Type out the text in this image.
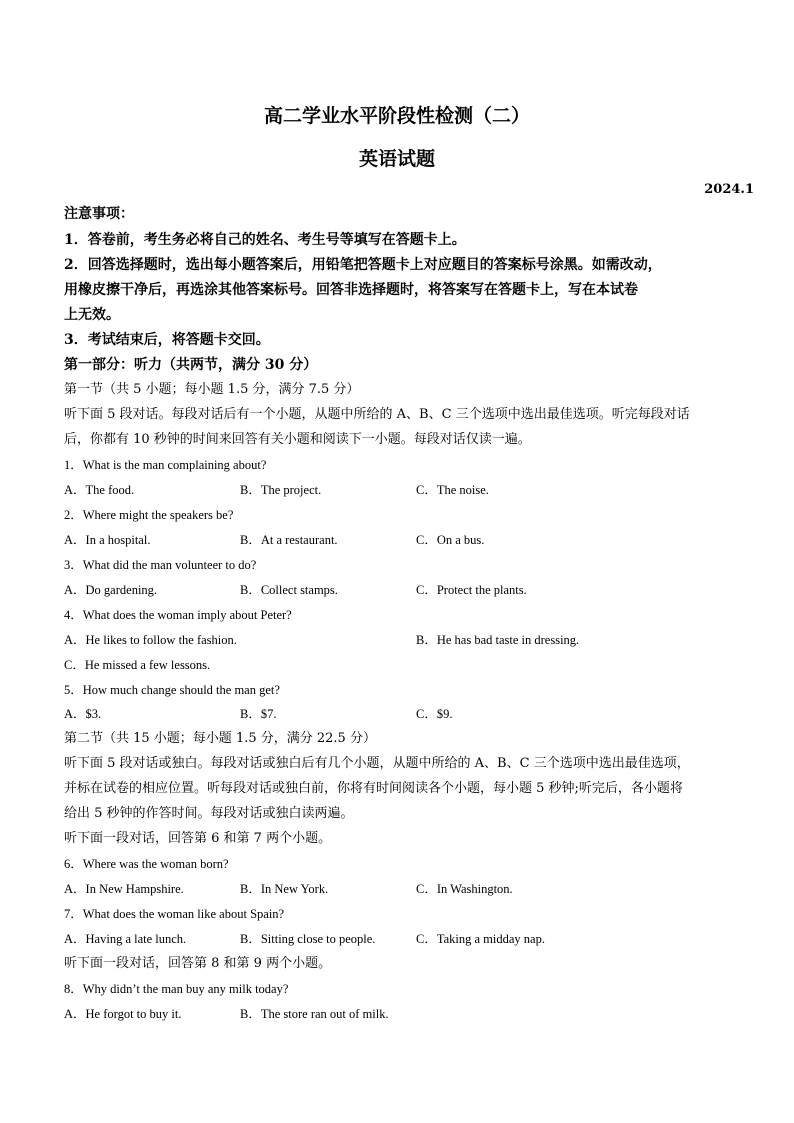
高二学业水平阶段性检测（二）
英语试题
2024.1
注意事项：
1．答卷前，考生务必将自己的姓名、考生号等填写在答题卡上。
2．回答选择题时，选出每小题答案后，用铅笔把答题卡上对应题目的答案标号涂黑。如需改动，
用橡皮擦干净后，再选涂其他答案标号。回答非选择题时，将答案写在答题卡上，写在本试卷
上无效。
3．考试结束后，将答题卡交回。
第一部分：听力（共两节，满分 30 分）
第一节（共 5 小题；每小题 1.5 分，满分 7.5 分）
听下面 5 段对话。每段对话后有一个小题，从题中所给的 A、B、C 三个选项中选出最佳选项。听完每段对话
后，你都有 10 秒钟的时间来回答有关小题和阅读下一小题。每段对话仅读一遍。
1．What is the man complaining about?
A．The food.	B．The project.	C．The noise.
2．Where might the speakers be?
A．In a hospital.	B．At a restaurant.	C．On a bus.
3．What did the man volunteer to do?
A．Do gardening.	B．Collect stamps.	C．Protect the plants.
4．What does the woman imply about Peter?
A．He likes to follow the fashion.	B．He has bad taste in dressing.
C．He missed a few lessons.
5．How much change should the man get?
A．$3.	B．$7.	C．$9.
第二节（共 15 小题；每小题 1.5 分，满分 22.5 分）
听下面 5 段对话或独白。每段对话或独白后有几个小题，从题中所给的 A、B、C 三个选项中选出最佳选项，
并标在试卷的相应位置。听每段对话或独白前，你将有时间阅读各个小题，每小题 5 秒钟;听完后，各小题将
给出 5 秒钟的作答时间。每段对话或独白读两遍。
听下面一段对话，回答第 6 和第 7 两个小题。
6．Where was the woman born?
A．In New Hampshire.	B．In New York.	C．In Washington.
7．What does the woman like about Spain?
A．Having a late lunch.	B．Sitting close to people.	C．Taking a midday nap.
听下面一段对话，回答第 8 和第 9 两个小题。
8．Why didn’t the man buy any milk today?
A．He forgot to buy it.	B．The store ran out of milk.
